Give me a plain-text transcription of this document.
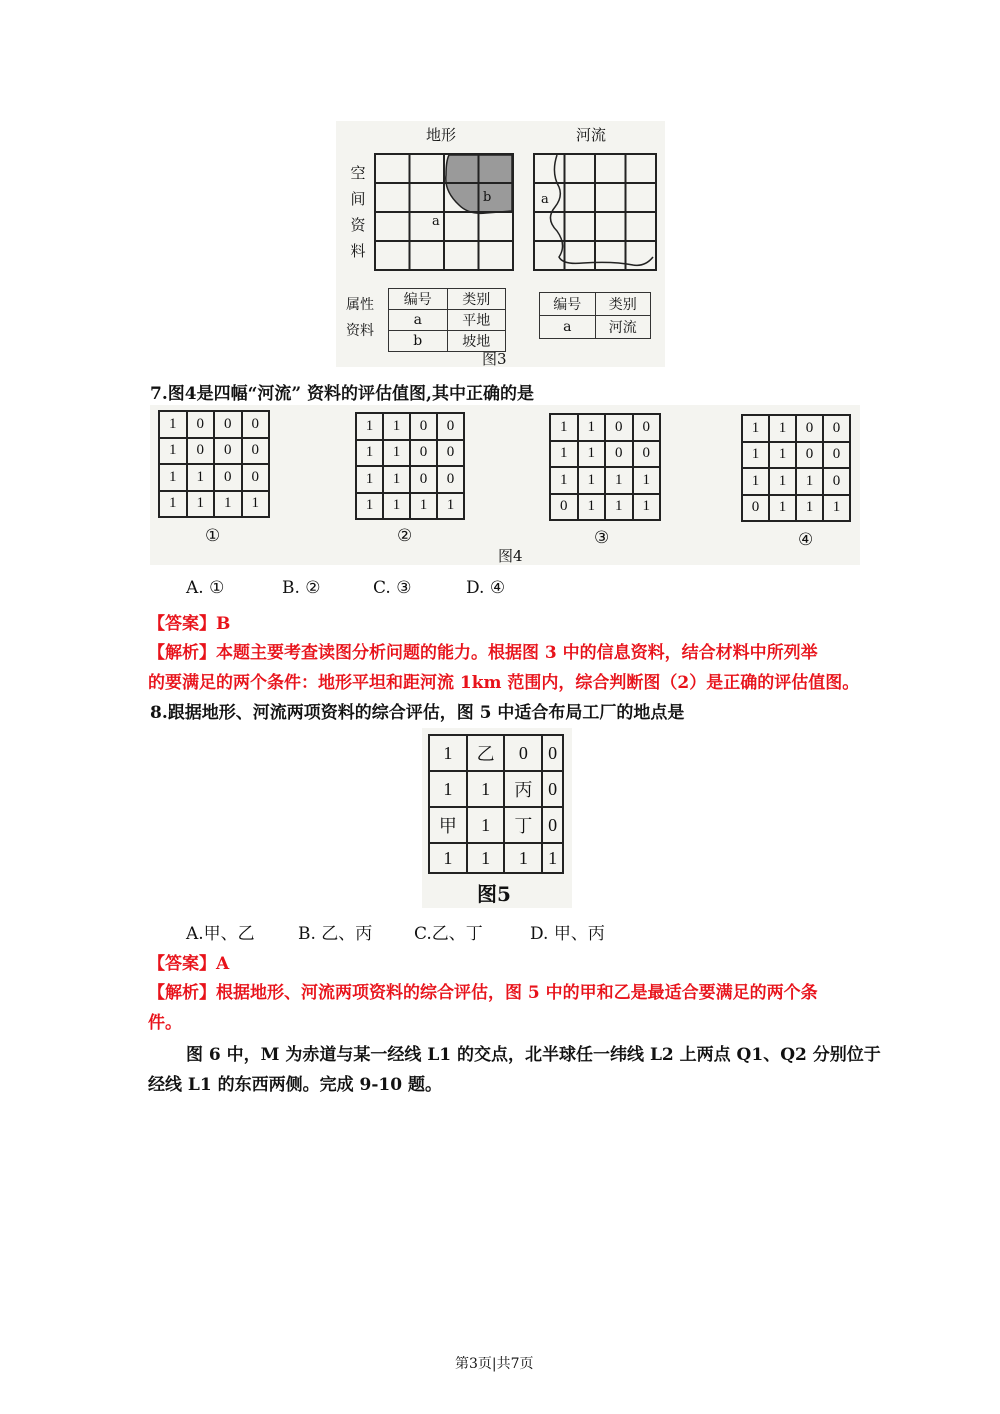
地形	河流
空
间
资
料
a
b	a
属性
资料
编号	类别
a	平地
b	坡地
编号	类别
a	河流
图3
7.图4是四幅“河流” 资料的评估值图,其中正确的是
1	0	0	0
1	0	0	0
1	1	0	0
1	1	1	1
①
1	1	0	0
1	1	0	0
1	1	0	0
1	1	1	1
②
1	1	0	0
1	1	0	0
1	1	1	1
0	1	1	1
③
1	1	0	0
1	1	0	0
1	1	1	0
0	1	1	1
④
图4
A. ①	B. ②	C. ③	D. ④
【答案】B
【解析】本题主要考查读图分析问题的能力。根据图 3 中的信息资料，结合材料中所列举
的要满足的两个条件：地形平坦和距河流 1km 范围内，综合判断图（2）是正确的评估值图。
8.跟据地形、河流两项资料的综合评估，图 5 中适合布局工厂的地点是
1	乙	0	0
1	1	丙	0
甲	1	丁	0
1	1	1	1
图5
A.甲、乙	B. 乙、丙 C.乙、丁	D. 甲、丙
【答案】A
【解析】根据地形、河流两项资料的综合评估，图 5 中的甲和乙是最适合要满足的两个条
件。
图 6 中，M 为赤道与某一经线 L1 的交点，北半球任一纬线 L2 上两点 Q1、Q2 分别位于
经线 L1 的东西两侧。完成 9-10 题。
第3页|共7页
